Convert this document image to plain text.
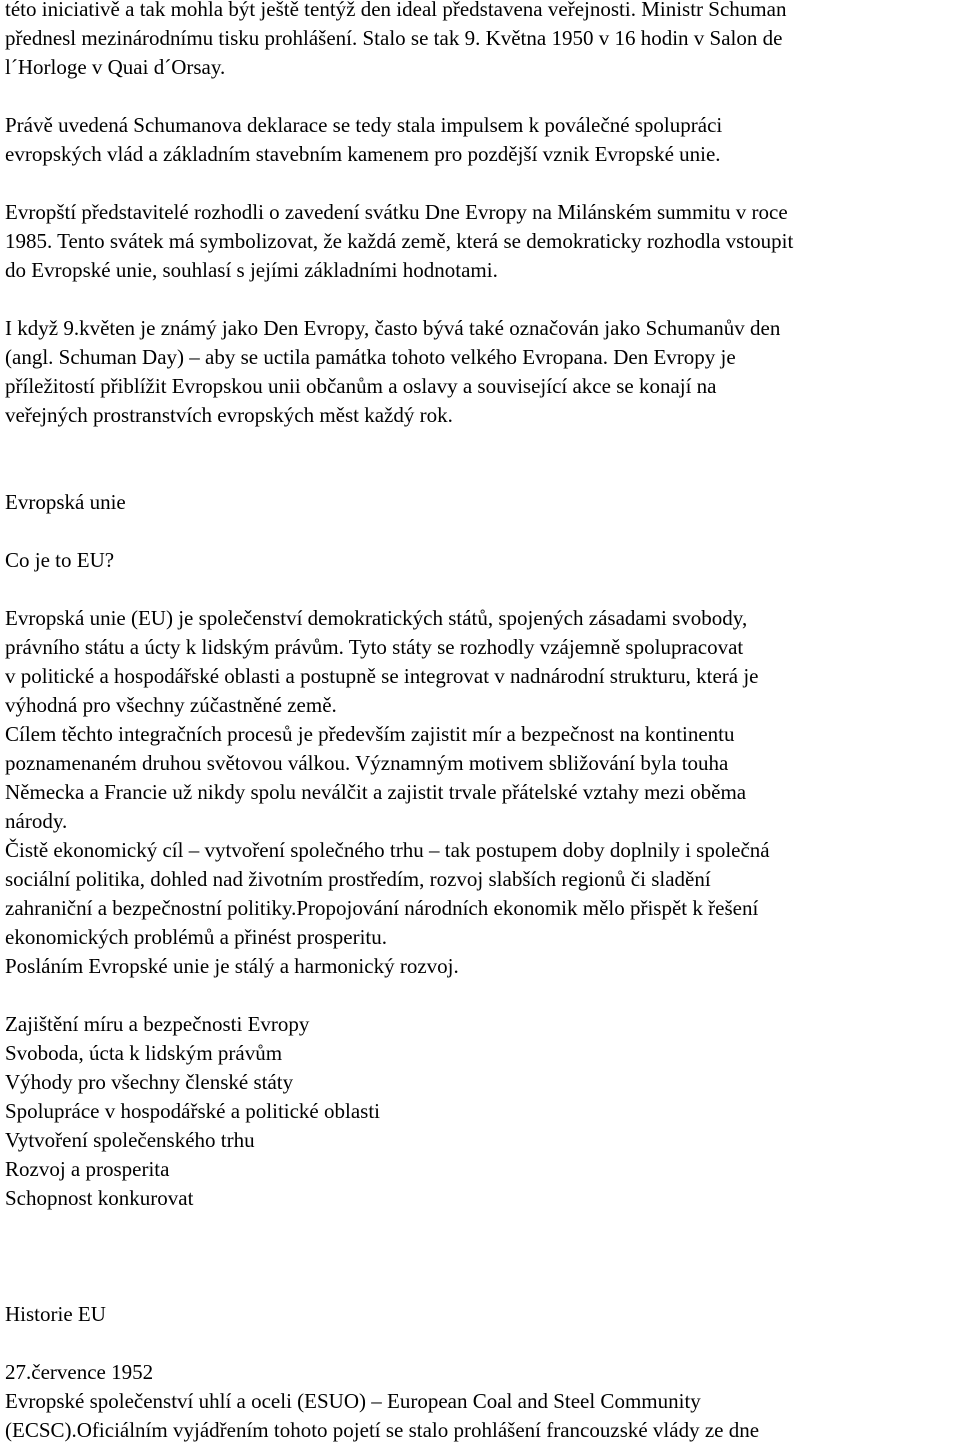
této iniciativě a tak mohla být ještě tentýž den ideal představena veřejnosti. Ministr Schuman
přednesl mezinárodnímu tisku prohlášení. Stalo se tak 9. Května 1950 v 16 hodin v Salon de
l´Horloge v Quai d´Orsay.
Právě uvedená Schumanova deklarace se tedy stala impulsem k poválečné spolupráci
evropských vlád a základním stavebním kamenem pro pozdější vznik Evropské unie.
Evropští představitelé rozhodli o zavedení svátku Dne Evropy na Milánském summitu v roce
1985. Tento svátek má symbolizovat, že každá země, která se demokraticky rozhodla vstoupit
do Evropské unie, souhlasí s jejími základními hodnotami.
I když 9.květen je známý jako Den Evropy, často bývá také označován jako Schumanův den
(angl. Schuman Day) – aby se uctila památka tohoto velkého Evropana. Den Evropy je
příležitostí přiblížit Evropskou unii občanům a oslavy a související akce se konají na
veřejných prostranstvích evropských měst každý rok.
Evropská unie
Co je to EU?
Evropská unie (EU) je společenství demokratických států, spojených zásadami svobody,
právního státu a úcty k lidským právům. Tyto státy se rozhodly vzájemně spolupracovat
v politické a hospodářské oblasti a postupně se integrovat v nadnárodní strukturu, která je
výhodná pro všechny zúčastněné země.
Cílem těchto integračních procesů je především zajistit mír a bezpečnost na kontinentu
poznamenaném druhou světovou válkou. Významným motivem sbližování byla touha
Německa a Francie už nikdy spolu neválčit a zajistit trvale přátelské vztahy mezi oběma
národy.
Čistě ekonomický cíl – vytvoření společného trhu – tak postupem doby doplnily i společná
sociální politika, dohled nad životním prostředím, rozvoj slabších regionů či sladění
zahraniční a bezpečnostní politiky.Propojování národních ekonomik mělo přispět k řešení
ekonomických problémů a přinést prosperitu.
Posláním Evropské unie je stálý a harmonický rozvoj.
Zajištění míru a bezpečnosti Evropy
Svoboda, úcta k lidským právům
Výhody pro všechny členské státy
Spolupráce v hospodářské a politické oblasti
Vytvoření společenského trhu
Rozvoj a prosperita
Schopnost konkurovat
Historie EU
27.července 1952
Evropské společenství uhlí a oceli (ESUO) – European Coal and Steel Community
(ECSC).Oficiálním vyjádřením tohoto pojetí se stalo prohlášení francouzské vlády ze dne
